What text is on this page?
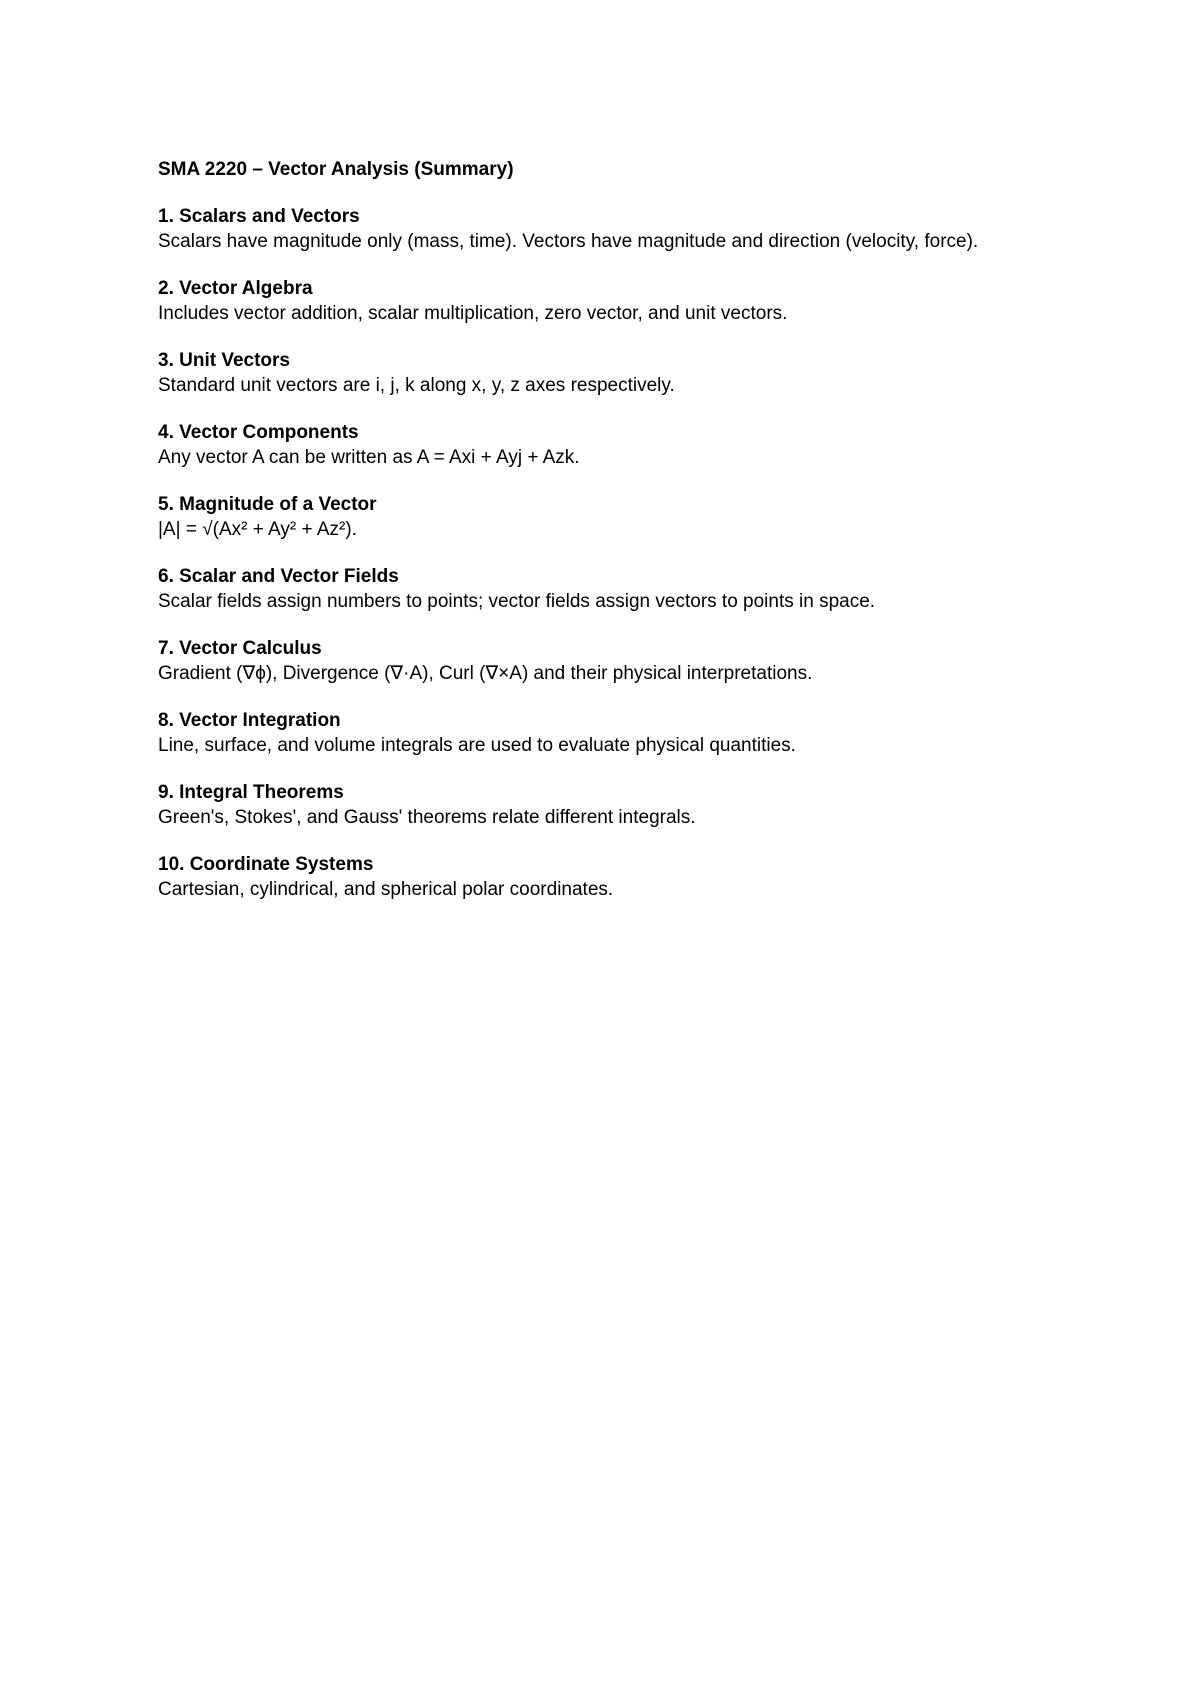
SMA 2220 – Vector Analysis (Summary)
1. Scalars and Vectors
Scalars have magnitude only (mass, time). Vectors have magnitude and direction (velocity, force).
2. Vector Algebra
Includes vector addition, scalar multiplication, zero vector, and unit vectors.
3. Unit Vectors
Standard unit vectors are i, j, k along x, y, z axes respectively.
4. Vector Components
Any vector A can be written as A = Axi + Ayj + Azk.
5. Magnitude of a Vector
|A| = √(Ax² + Ay² + Az²).
6. Scalar and Vector Fields
Scalar fields assign numbers to points; vector fields assign vectors to points in space.
7. Vector Calculus
Gradient (∇ϕ), Divergence (∇·A), Curl (∇×A) and their physical interpretations.
8. Vector Integration
Line, surface, and volume integrals are used to evaluate physical quantities.
9. Integral Theorems
Green's, Stokes', and Gauss' theorems relate different integrals.
10. Coordinate Systems
Cartesian, cylindrical, and spherical polar coordinates.
